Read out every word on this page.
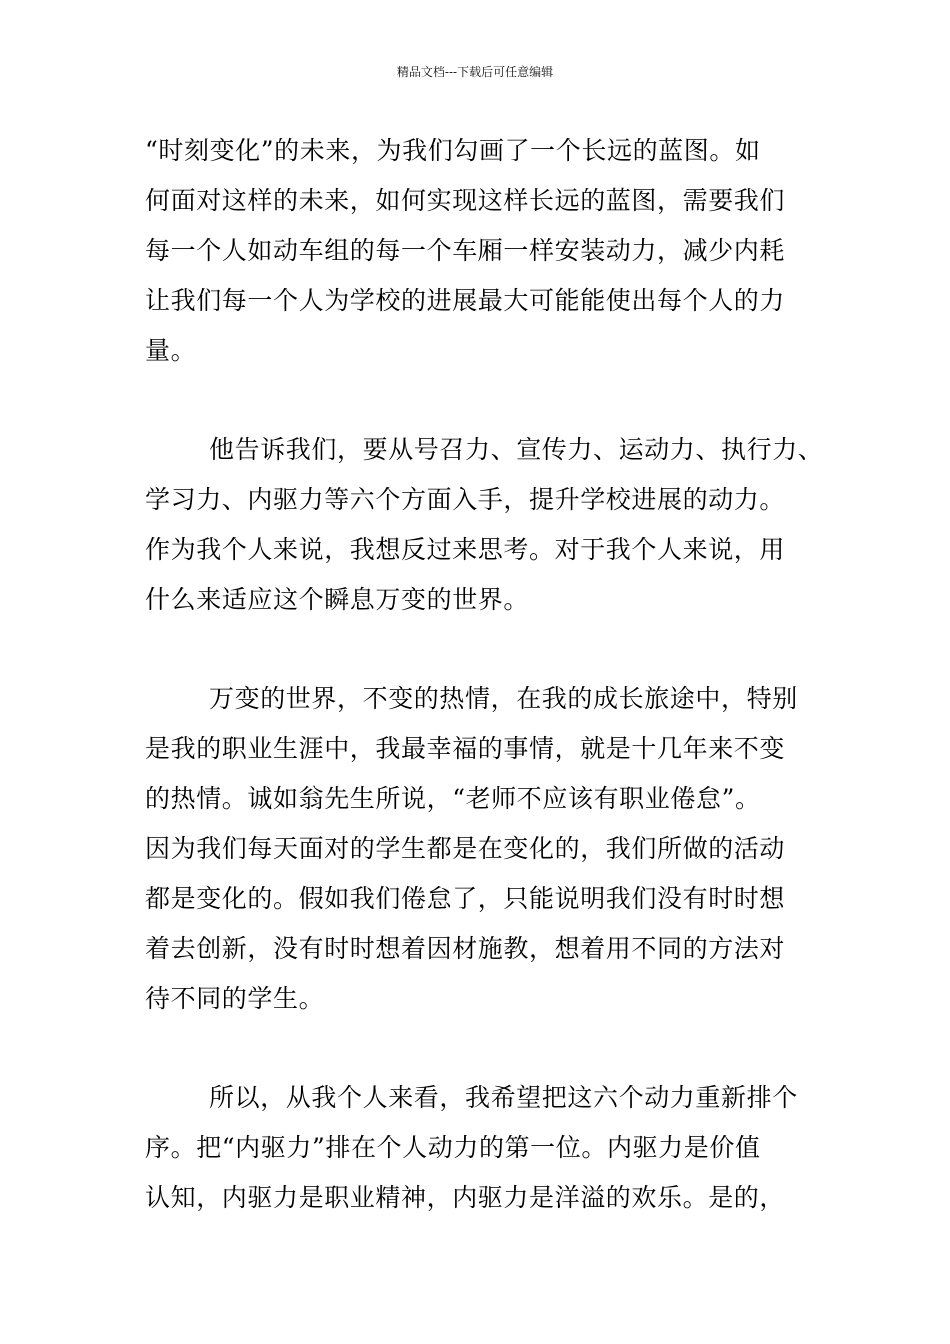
精品文档---下载后可任意编辑
“时刻变化”的未来，为我们勾画了一个长远的蓝图。如
何面对这样的未来，如何实现这样长远的蓝图，需要我们
每一个人如动车组的每一个车厢一样安装动力，减少内耗
让我们每一个人为学校的进展最大可能能使出每个人的力
量。
他告诉我们，要从号召力、宣传力、运动力、执行力、
学习力、内驱力等六个方面入手，提升学校进展的动力。
作为我个人来说，我想反过来思考。对于我个人来说，用
什么来适应这个瞬息万变的世界。
万变的世界，不变的热情，在我的成长旅途中，特别
是我的职业生涯中，我最幸福的事情，就是十几年来不变
的热情。诚如翁先生所说，“老师不应该有职业倦怠”。
因为我们每天面对的学生都是在变化的，我们所做的活动
都是变化的。假如我们倦怠了，只能说明我们没有时时想
着去创新，没有时时想着因材施教，想着用不同的方法对
待不同的学生。
所以，从我个人来看，我希望把这六个动力重新排个
序。把“内驱力”排在个人动力的第一位。内驱力是价值
认知，内驱力是职业精神，内驱力是洋溢的欢乐。是的，
